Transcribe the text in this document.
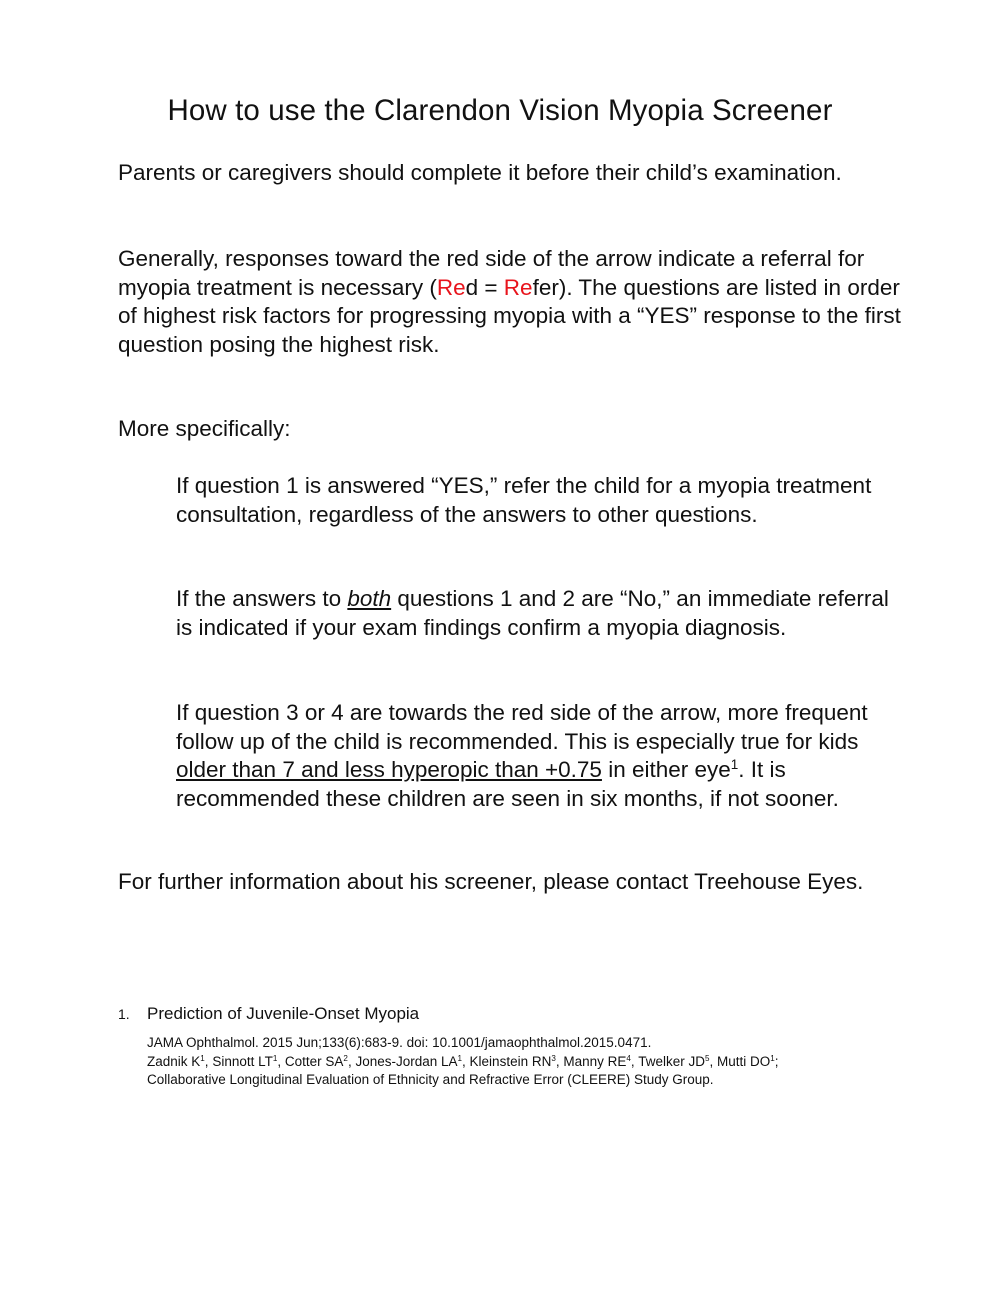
How to use the Clarendon Vision Myopia Screener

Parents or caregivers should complete it before their child’s examination.

Generally, responses toward the red side of the arrow indicate a referral for myopia treatment is necessary (Red = Refer). The questions are listed in order of highest risk factors for progressing myopia with a “YES” response to the first question posing the highest risk.

More specifically:

If question 1 is answered “YES,” refer the child for a myopia treatment consultation, regardless of the answers to other questions.

If the answers to both questions 1 and 2 are “No,” an immediate referral is indicated if your exam findings confirm a myopia diagnosis.

If question 3 or 4 are towards the red side of the arrow, more frequent follow up of the child is recommended. This is especially true for kids older than 7 and less hyperopic than +0.75 in either eye$^1$. It is recommended these children are seen in six months, if not sooner.

For further information about his screener, please contact Treehouse Eyes.

1. Prediction of Juvenile-Onset Myopia

JAMA Ophthalmol. 2015 Jun;133(6):683-9. doi: 10.1001/jamaophthalmol.2015.0471.
Zadnik $K^1$, Sinnott $LT^1$, Cotter $SA^2$, Jones-Jordan $LA^1$, Kleinstein $RN^3$, Manny $RE^4$, Twelker $JD^5$, Mutti $DO^1$; Collaborative Longitudinal Evaluation of Ethnicity and Refractive Error (CLEERE) Study Group.
